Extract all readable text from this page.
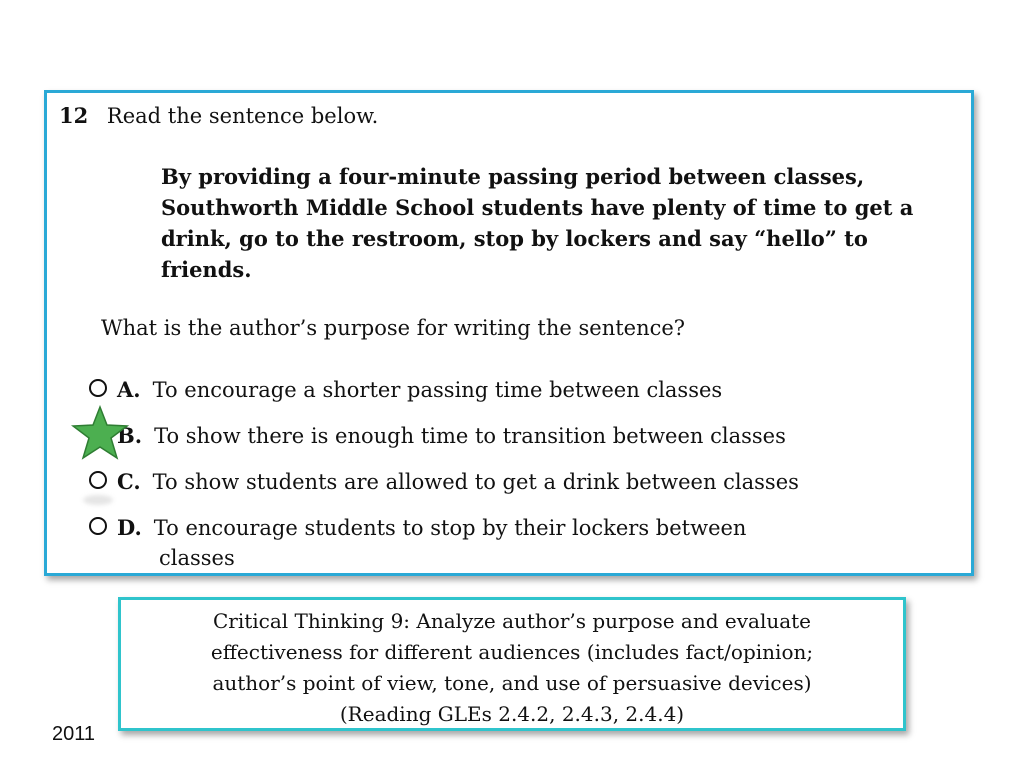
12 Read the sentence below.
By providing a four-minute passing period between classes, Southworth Middle School students have plenty of time to get a drink, go to the restroom, stop by lockers and say “hello” to friends.
What is the author’s purpose for writing the sentence?
A. To encourage a shorter passing time between classes
B. To show there is enough time to transition between classes
C. To show students are allowed to get a drink between classes
D. To encourage students to stop by their lockers between
classes
Critical Thinking 9: Analyze author’s purpose and evaluate
effectiveness for different audiences (includes fact/opinion;
author’s point of view, tone, and use of persuasive devices)
(Reading GLEs 2.4.2, 2.4.3, 2.4.4)
2011
